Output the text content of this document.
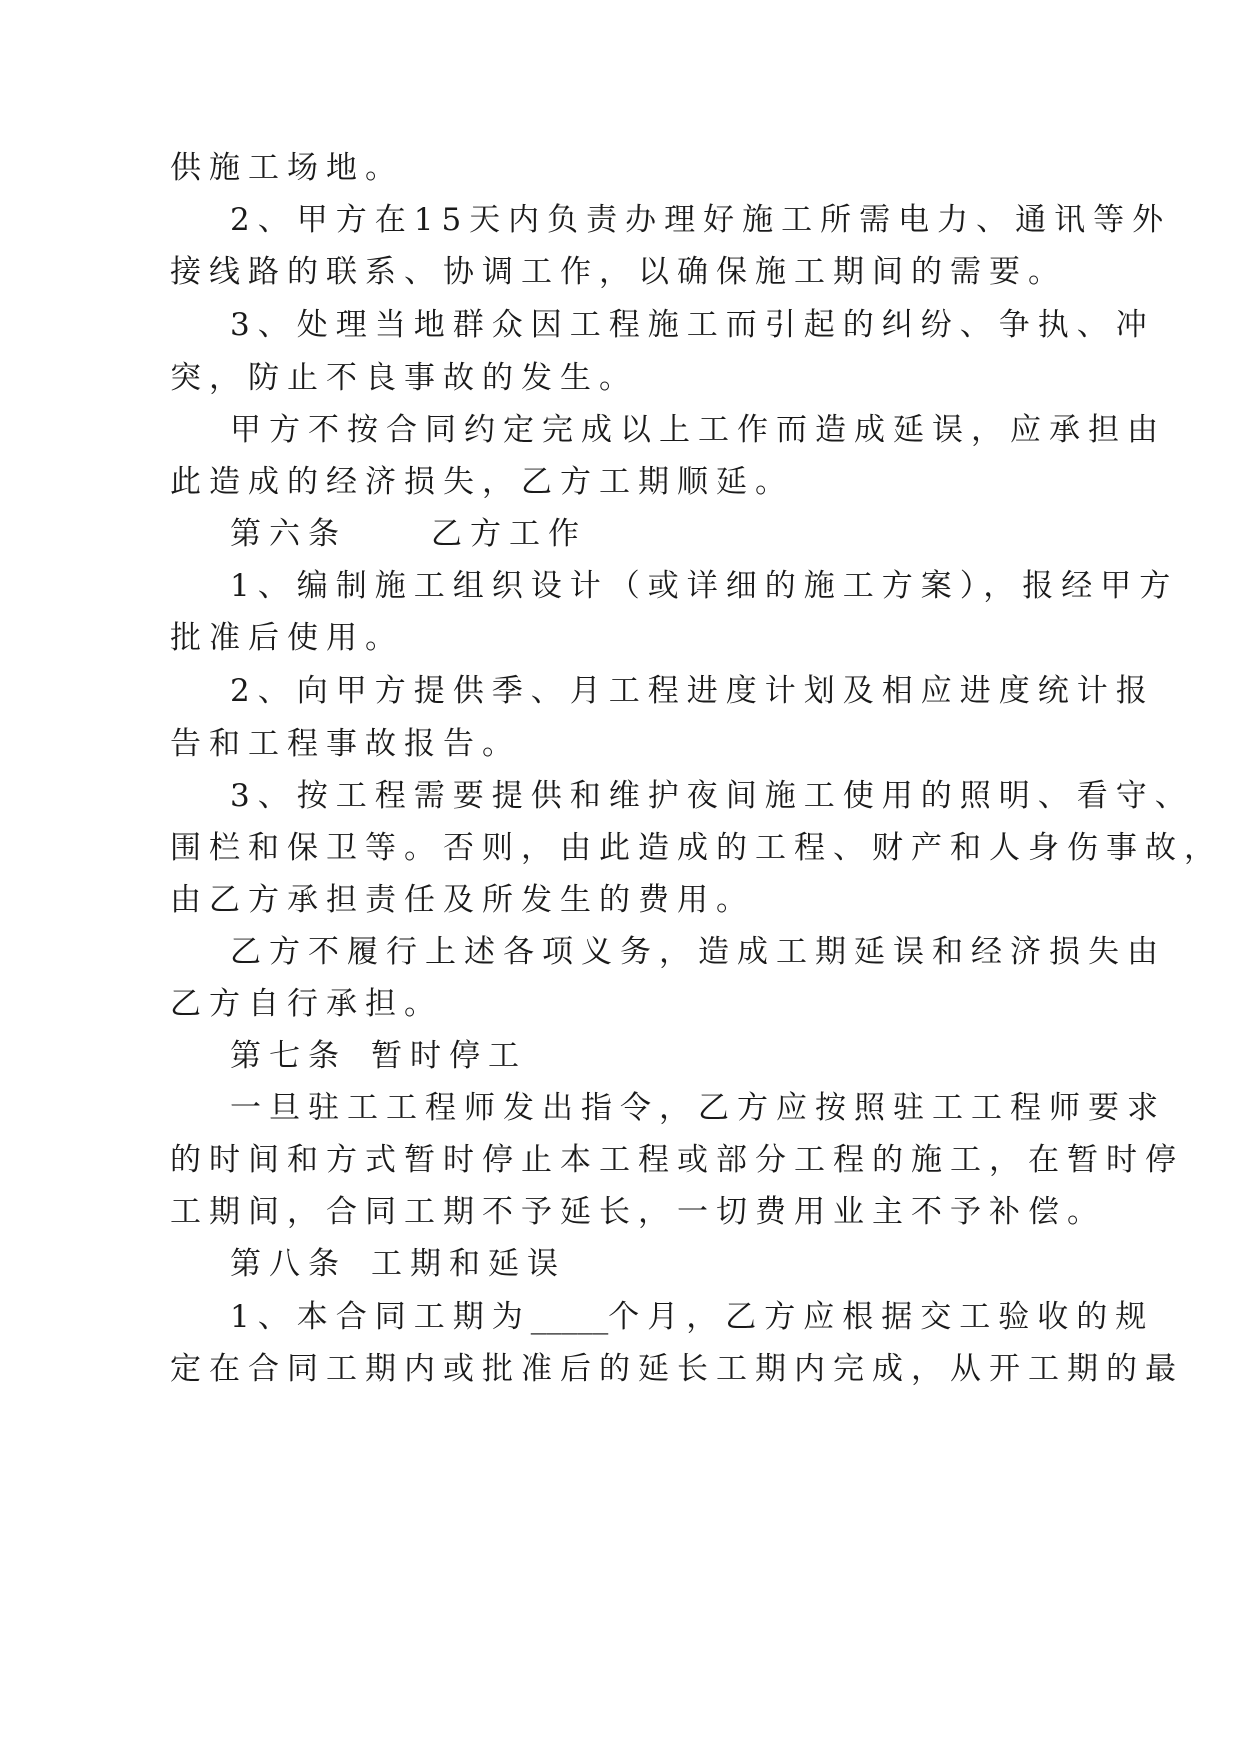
供施工场地。
2、甲方在15天内负责办理好施工所需电力、通讯等外
接线路的联系、协调工作，以确保施工期间的需要。
3、处理当地群众因工程施工而引起的纠纷、争执、冲
突，防止不良事故的发生。
甲方不按合同约定完成以上工作而造成延误，应承担由
此造成的经济损失，乙方工期顺延。
第六条	乙方工作
1、编制施工组织设计（或详细的施工方案），报经甲方
批准后使用。
2、向甲方提供季、月工程进度计划及相应进度统计报
告和工程事故报告。
3、按工程需要提供和维护夜间施工使用的照明、看守、
围栏和保卫等。否则，由此造成的工程、财产和人身伤事故，
由乙方承担责任及所发生的费用。
乙方不履行上述各项义务，造成工期延误和经济损失由
乙方自行承担。
第七条 暂时停工
一旦驻工工程师发出指令，乙方应按照驻工工程师要求
的时间和方式暂时停止本工程或部分工程的施工，在暂时停
工期间，合同工期不予延长，一切费用业主不予补偿。
第八条 工期和延误
1、本合同工期为_____个月，乙方应根据交工验收的规
定在合同工期内或批准后的延长工期内完成，从开工期的最
